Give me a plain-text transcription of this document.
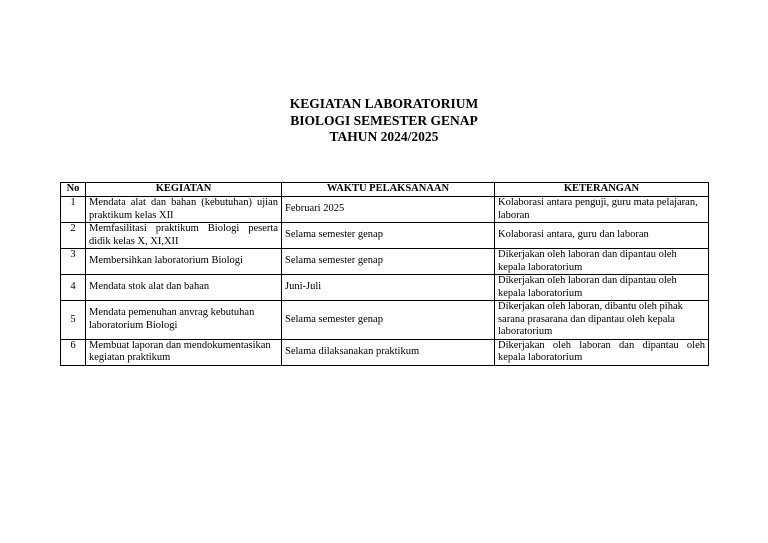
KEGIATAN LABORATORIUM
BIOLOGI SEMESTER GENAP
TAHUN 2024/2025
No	KEGIATAN	WAKTU PELAKSANAAN	KETERANGAN
1	Mendata alat dan bahan (kebutuhan) ujian praktikum kelas XII	Februari 2025	Kolaborasi antara penguji, guru mata pelajaran, laboran
2	Memfasilitasi praktikum Biologi peserta didik kelas X, XI,XII	Selama semester genap	Kolaborasi antara, guru dan laboran
3	Membersihkan laboratorium Biologi	Selama semester genap	Dikerjakan oleh laboran dan dipantau oleh kepala laboratorium
4	Mendata stok alat dan bahan	Juni-Juli	Dikerjakan oleh laboran dan dipantau oleh kepala laboratorium
5	Mendata pemenuhan anvrag kebutuhan laboratorium Biologi	Selama semester genap	Dikerjakan oleh laboran, dibantu oleh pihak sarana prasarana dan dipantau oleh kepala laboratorium
6	Membuat laporan dan mendokumentasikan kegiatan praktikum	Selama dilaksanakan praktikum	Dikerjakan oleh laboran dan dipantau oleh kepala laboratorium
